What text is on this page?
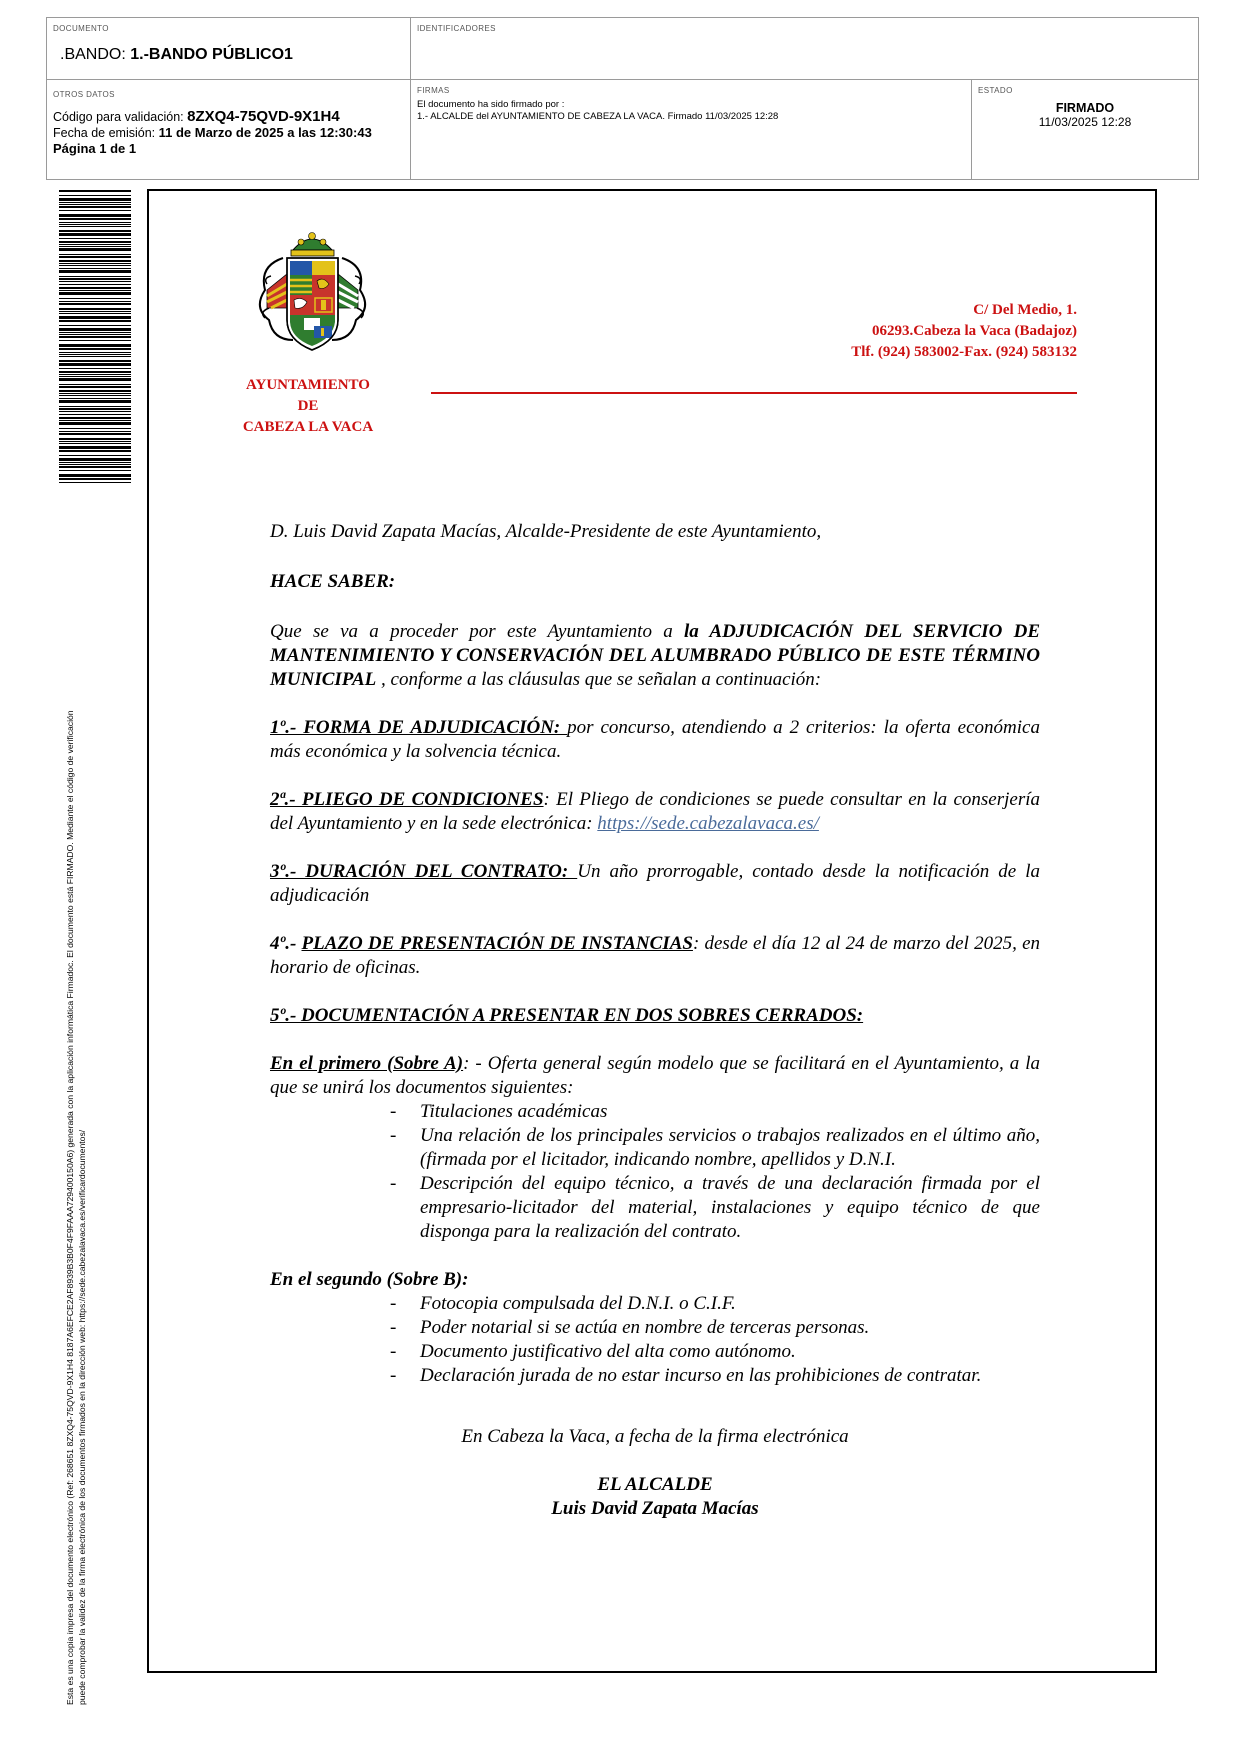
DOCUMENTO
.BANDO: 1.-BANDO PÚBLICO1
IDENTIFICADORES
OTROS DATOS
Código para validación: 8ZXQ4-75QVD-9X1H4
Fecha de emisión: 11 de Marzo de 2025 a las 12:30:43
Página 1 de 1
FIRMAS
El documento ha sido firmado por :
1.- ALCALDE del AYUNTAMIENTO DE CABEZA LA VACA. Firmado 11/03/2025 12:28
ESTADO
FIRMADO
11/03/2025 12:28
Esta es una copia impresa del documento electrónico (Ref: 268651 8ZXQ4-75QVD-9X1H4 8187A6EFCE2AF8939B3B0F4F9FAAA729400150A6) generada con la aplicación informática Firmadoc. El documento está FIRMADO. Mediante el código de verificación puede comprobar la validez de la firma electrónica de los documentos firmados en la dirección web: https://sede.cabezalavaca.es/verificardocumentos/
AYUNTAMIENTO
DE
CABEZA LA VACA
C/ Del Medio, 1.
06293.Cabeza la Vaca (Badajoz)
Tlf. (924) 583002-Fax. (924) 583132
D. Luis David Zapata Macías, Alcalde-Presidente de este Ayuntamiento,
HACE SABER:
Que se va a proceder por este Ayuntamiento a la ADJUDICACIÓN DEL SERVICIO DE MANTENIMIENTO Y CONSERVACIÓN DEL ALUMBRADO PÚBLICO DE ESTE TÉRMINO MUNICIPAL , conforme a las cláusulas que se señalan a continuación:
1º.- FORMA DE ADJUDICACIÓN: por concurso, atendiendo a 2 criterios: la oferta económica más económica y la solvencia técnica.
2ª.- PLIEGO DE CONDICIONES: El Pliego de condiciones se puede consultar en la conserjería del Ayuntamiento y en la sede electrónica: https://sede.cabezalavaca.es/
3º.- DURACIÓN DEL CONTRATO: Un año prorrogable, contado desde la notificación de la adjudicación
4º.- PLAZO DE PRESENTACIÓN DE INSTANCIAS: desde el día 12 al 24 de marzo del 2025, en horario de oficinas.
5º.- DOCUMENTACIÓN A PRESENTAR EN DOS SOBRES CERRADOS:
En el primero (Sobre A): - Oferta general según modelo que se facilitará en el Ayuntamiento, a la que se unirá los documentos siguientes:
- Titulaciones académicas
- Una relación de los principales servicios o trabajos realizados en el último año, (firmada por el licitador, indicando nombre, apellidos y D.N.I.
- Descripción del equipo técnico, a través de una declaración firmada por el empresario-licitador del material, instalaciones y equipo técnico de que disponga para la realización del contrato.
En el segundo (Sobre B):
- Fotocopia compulsada del D.N.I. o C.I.F.
- Poder notarial si se actúa en nombre de terceras personas.
- Documento justificativo del alta como autónomo.
- Declaración jurada de no estar incurso en las prohibiciones de contratar.
En Cabeza la Vaca, a fecha de la firma electrónica
EL ALCALDE
Luis David Zapata Macías
